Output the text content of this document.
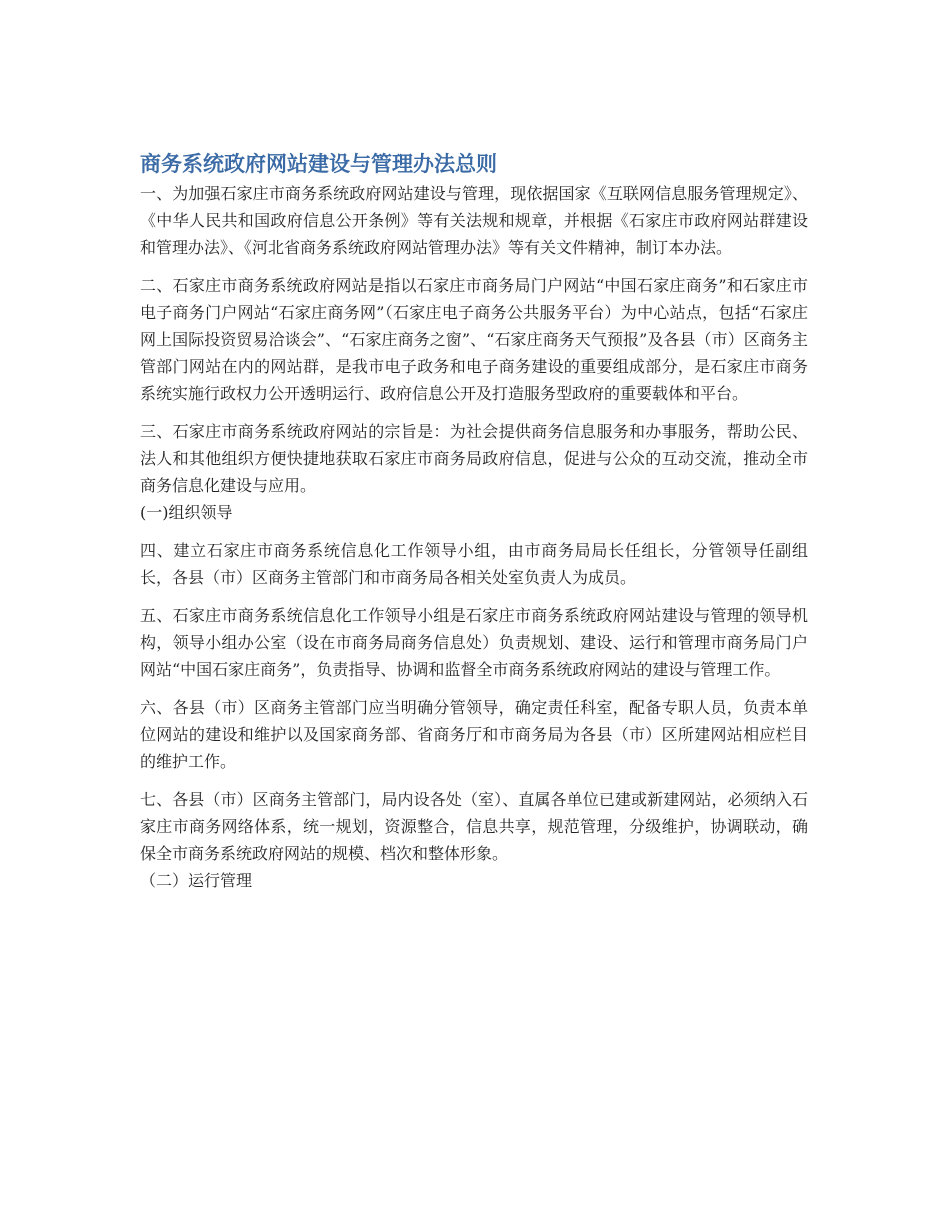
商务系统政府网站建设与管理办法总则

一、为加强石家庄市商务系统政府网站建设与管理，现依据国家《互联网信息服务管理规定》、《中华人民共和国政府信息公开条例》等有关法规和规章，并根据《石家庄市政府网站群建设和管理办法》、《河北省商务系统政府网站管理办法》等有关文件精神，制订本办法。

二、石家庄市商务系统政府网站是指以石家庄市商务局门户网站“中国石家庄商务”和石家庄市电子商务门户网站“石家庄商务网”（石家庄电子商务公共服务平台）为中心站点，包括“石家庄网上国际投资贸易洽谈会”、“石家庄商务之窗”、“石家庄商务天气预报”及各县（市）区商务主管部门网站在内的网站群，是我市电子政务和电子商务建设的重要组成部分，是石家庄市商务系统实施行政权力公开透明运行、政府信息公开及打造服务型政府的重要载体和平台。

三、石家庄市商务系统政府网站的宗旨是：为社会提供商务信息服务和办事服务，帮助公民、法人和其他组织方便快捷地获取石家庄市商务局政府信息，促进与公众的互动交流，推动全市商务信息化建设与应用。

(一)组织领导

四、建立石家庄市商务系统信息化工作领导小组，由市商务局局长任组长，分管领导任副组长，各县（市）区商务主管部门和市商务局各相关处室负责人为成员。

五、石家庄市商务系统信息化工作领导小组是石家庄市商务系统政府网站建设与管理的领导机构，领导小组办公室（设在市商务局商务信息处）负责规划、建设、运行和管理市商务局门户网站“中国石家庄商务”，负责指导、协调和监督全市商务系统政府网站的建设与管理工作。

六、各县（市）区商务主管部门应当明确分管领导，确定责任科室，配备专职人员，负责本单位网站的建设和维护以及国家商务部、省商务厅和市商务局为各县（市）区所建网站相应栏目的维护工作。

七、各县（市）区商务主管部门，局内设各处（室）、直属各单位已建或新建网站，必须纳入石家庄市商务网络体系，统一规划，资源整合，信息共享，规范管理，分级维护，协调联动，确保全市商务系统政府网站的规模、档次和整体形象。

（二）运行管理
